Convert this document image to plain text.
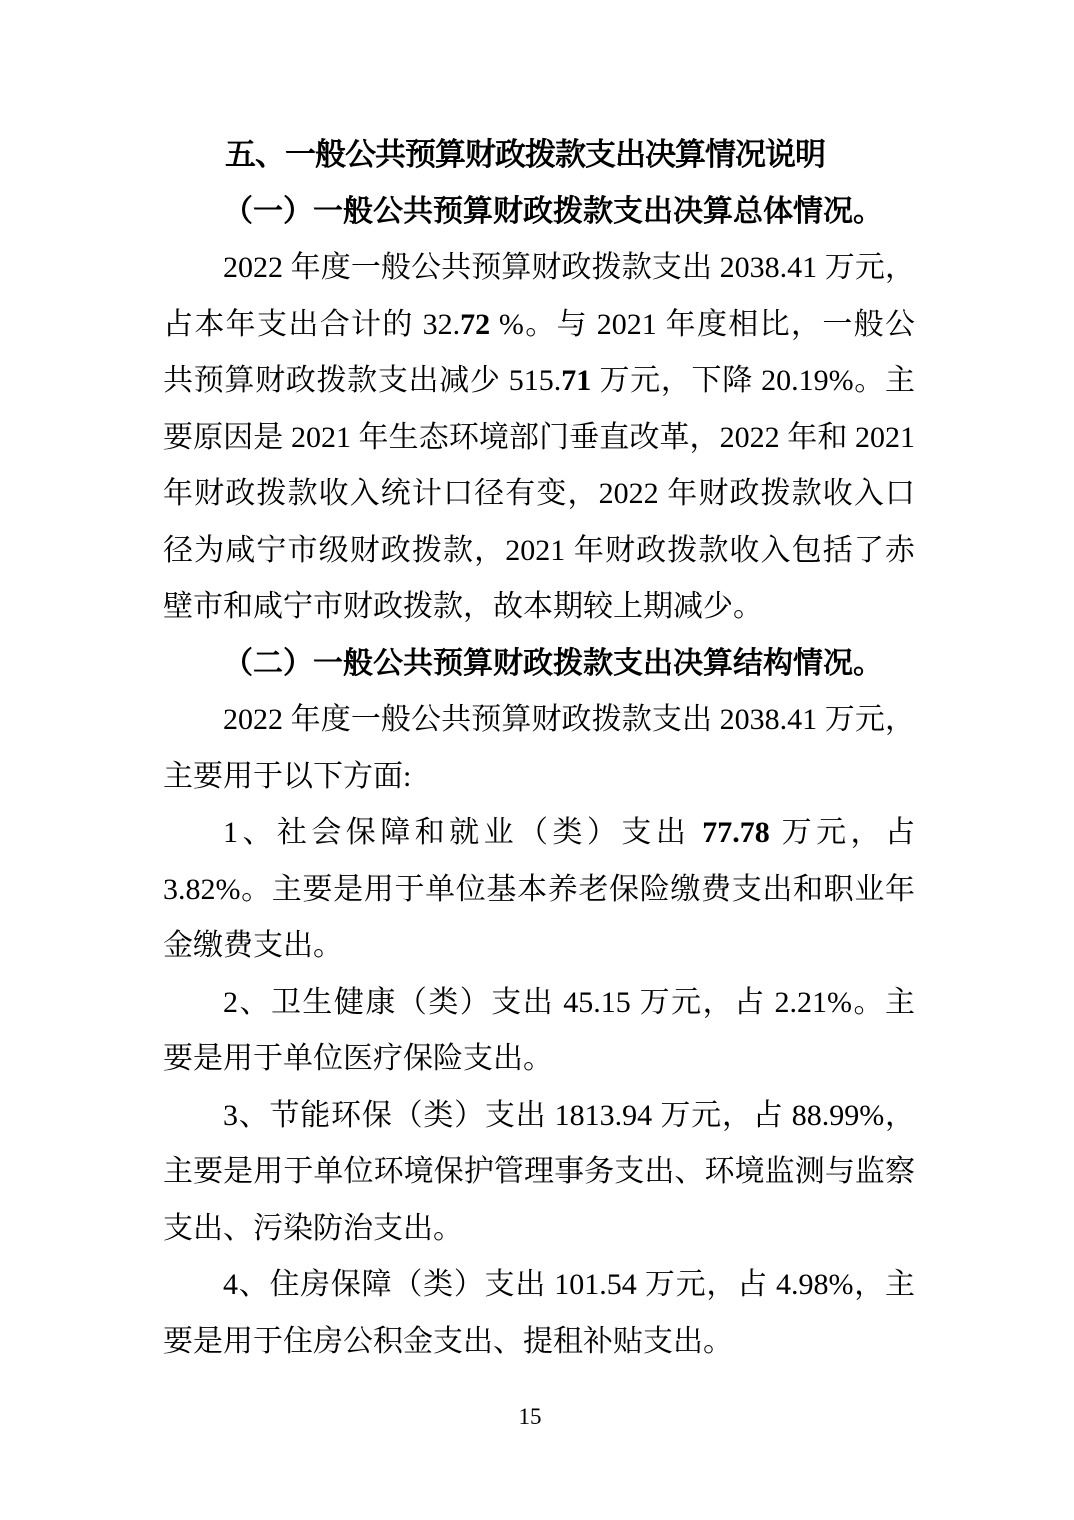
五、一般公共预算财政拨款支出决算情况说明

（一）一般公共预算财政拨款支出决算总体情况。

2022 年度一般公共预算财政拨款支出 2038.41 万元，占本年支出合计的 32.72 %。与 2021 年度相比，一般公共预算财政拨款支出减少 515.71 万元，下降 20.19%。主要原因是 2021 年生态环境部门垂直改革，2022 年和 2021 年财政拨款收入统计口径有变，2022 年财政拨款收入口径为咸宁市级财政拨款，2021 年财政拨款收入包括了赤壁市和咸宁市财政拨款，故本期较上期减少。

（二）一般公共预算财政拨款支出决算结构情况。

2022 年度一般公共预算财政拨款支出 2038.41 万元，主要用于以下方面:

1、社会保障和就业（类）支出 77.78 万元，占 3.82%。主要是用于单位基本养老保险缴费支出和职业年金缴费支出。

2、卫生健康（类）支出 45.15 万元，占 2.21%。主要是用于单位医疗保险支出。

3、节能环保（类）支出 1813.94 万元，占 88.99%，主要是用于单位环境保护管理事务支出、环境监测与监察支出、污染防治支出。

4、住房保障（类）支出 101.54 万元，占 4.98%，主要是用于住房公积金支出、提租补贴支出。

15
